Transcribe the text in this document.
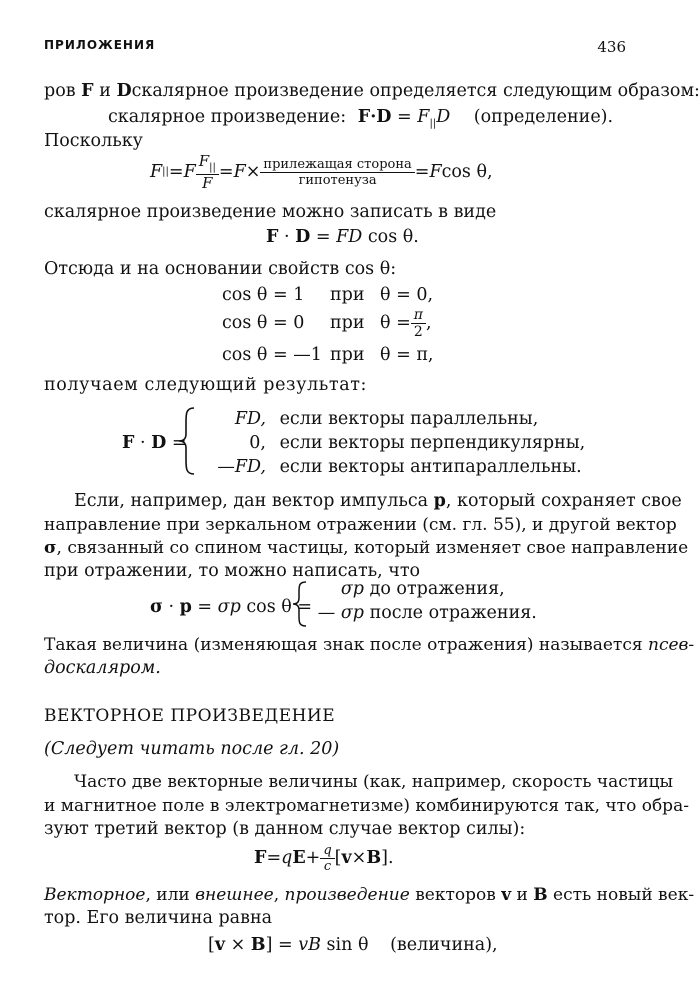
ПРИЛОЖЕНИЯ	436
ров F и D скалярное произведение определяется следующим образом:
скалярное произведение: $F\cdot D = F_{||}D$ (определение).
Поскольку
F || = F $\frac{F_{||}}{F} = F \times \frac{\text{прилежащая сторона}}{\text{гипотенуза}} = F$ cos θ,
скалярное произведение можно записать в виде
F · D = FD cos θ.
Отсюда и на основании свойств cos θ:
cos θ = 1 при θ = 0,
cos θ = 0	при $\theta = \frac{\pi}{2}$ ,
cos θ = —1 при θ = π,
получаем следующий результат:
F · D =
FD, если векторы параллельны,
0, если векторы перпендикулярны,
—FD, если векторы антипараллельны.
Если, например, дан вектор импульса p, который сохраняет свое
направление при зеркальном отражении (см. гл. 55), и другой вектор
σ, связанный со спином частицы, который изменяет свое направление
при отражении, то можно написать, что
σ · p = σp cos θ =
σp до отражения,
— σp после отражения.
Такая величина (изменяющая знак после отражения) называется псев-
доскаляром.
ВЕКТОРНОЕ ПРОИЗВЕДЕНИЕ
(Следует читать после гл. 20)
Часто две векторные величины (как, например, скорость частицы
и магнитное поле в электромагнетизме) комбинируются так, что обра-
зуют третий вектор (в данном случае вектор силы):
F = q $E + \frac{q}{c}$ [ v × B ].
Векторное, или внешнее, произведение векторов v и B есть новый век-
тор. Его величина равна
[v × B] = vB sin θ (величина),
